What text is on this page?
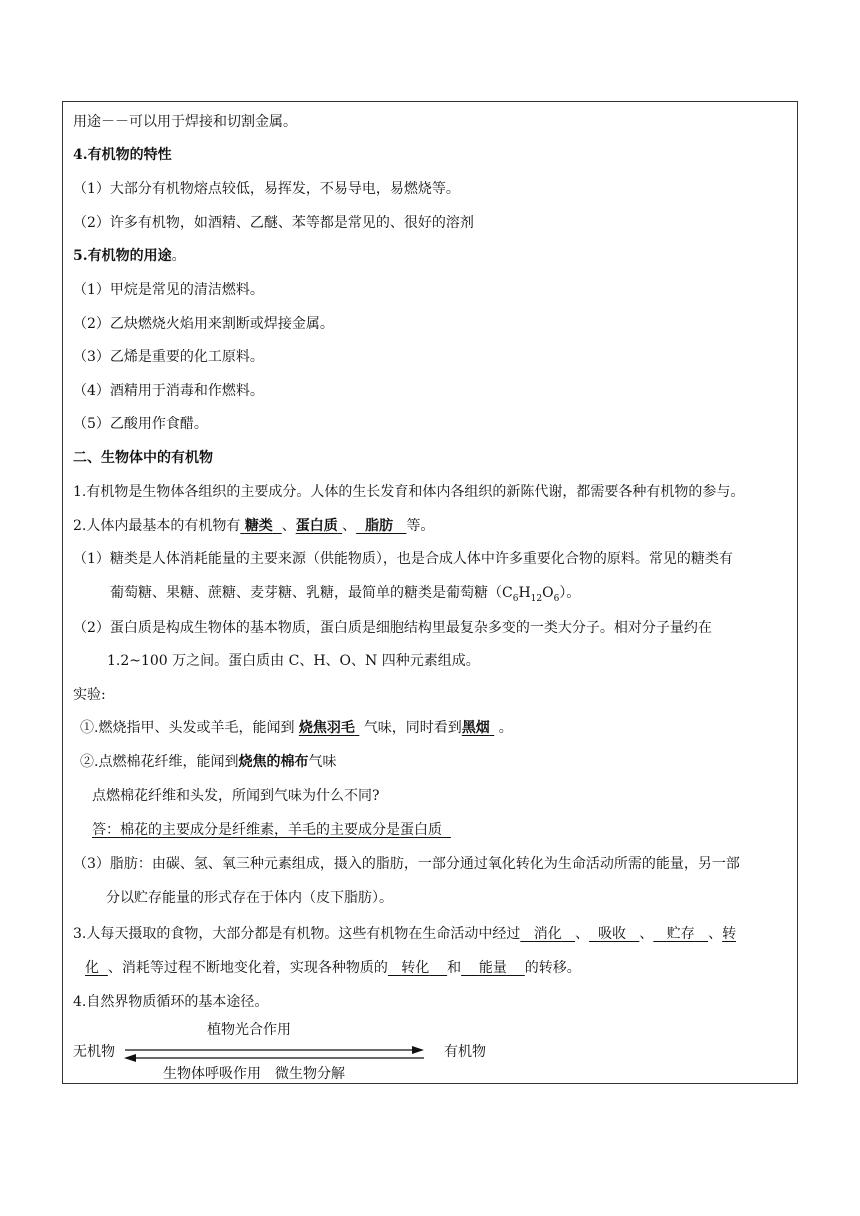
用途－－可以用于焊接和切割金属。
4.有机物的特性
（1）大部分有机物熔点较低，易挥发，不易导电，易燃烧等。
（2）许多有机物，如酒精、乙醚、苯等都是常见的、很好的溶剂
5.有机物的用途。
（1）甲烷是常见的清洁燃料。
（2）乙炔燃烧火焰用来割断或焊接金属。
（3）乙烯是重要的化工原料。
（4）酒精用于消毒和作燃料。
（5）乙酸用作食醋。
二、生物体中的有机物
1.有机物是生物体各组织的主要成分。人体的生长发育和体内各组织的新陈代谢，都需要各种有机物的参与。
2.人体内最基本的有机物有 糖类 、蛋白质 、 脂肪 等。
（1）糖类是人体消耗能量的主要来源（供能物质），也是合成人体中许多重要化合物的原料。常见的糖类有
葡萄糖、果糖、蔗糖、麦芽糖、乳糖，最简单的糖类是葡萄糖$(C_6H_{12}O_6)$。
（2）蛋白质是构成生物体的基本物质，蛋白质是细胞结构里最复杂多变的一类大分子。相对分子量约在
1.2~100 万之间。蛋白质由 C、H、O、N 四种元素组成。
实验:
①.燃烧指甲、头发或羊毛，能闻到 烧焦羽毛 气味，同时看到黑烟 。
②.点燃棉花纤维，能闻到烧焦的棉布气味
点燃棉花纤维和头发，所闻到气味为什么不同?
答：棉花的主要成分是纤维素，羊毛的主要成分是蛋白质
（3）脂肪：由碳、氢、氧三种元素组成，摄入的脂肪，一部分通过氧化转化为生命活动所需的能量，另一部
分以贮存能量的形式存在于体内（皮下脂肪）。
3.人每天摄取的食物，大部分都是有机物。这些有机物在生命活动中经过 消化 、 吸收 、 贮存 、转
化 、消耗等过程不断地变化着，实现各种物质的 转化 和 能量 的转移。
4.自然界物质循环的基本途径。
植物光合作用
无机物	有机物
生物体呼吸作用　微生物分解
